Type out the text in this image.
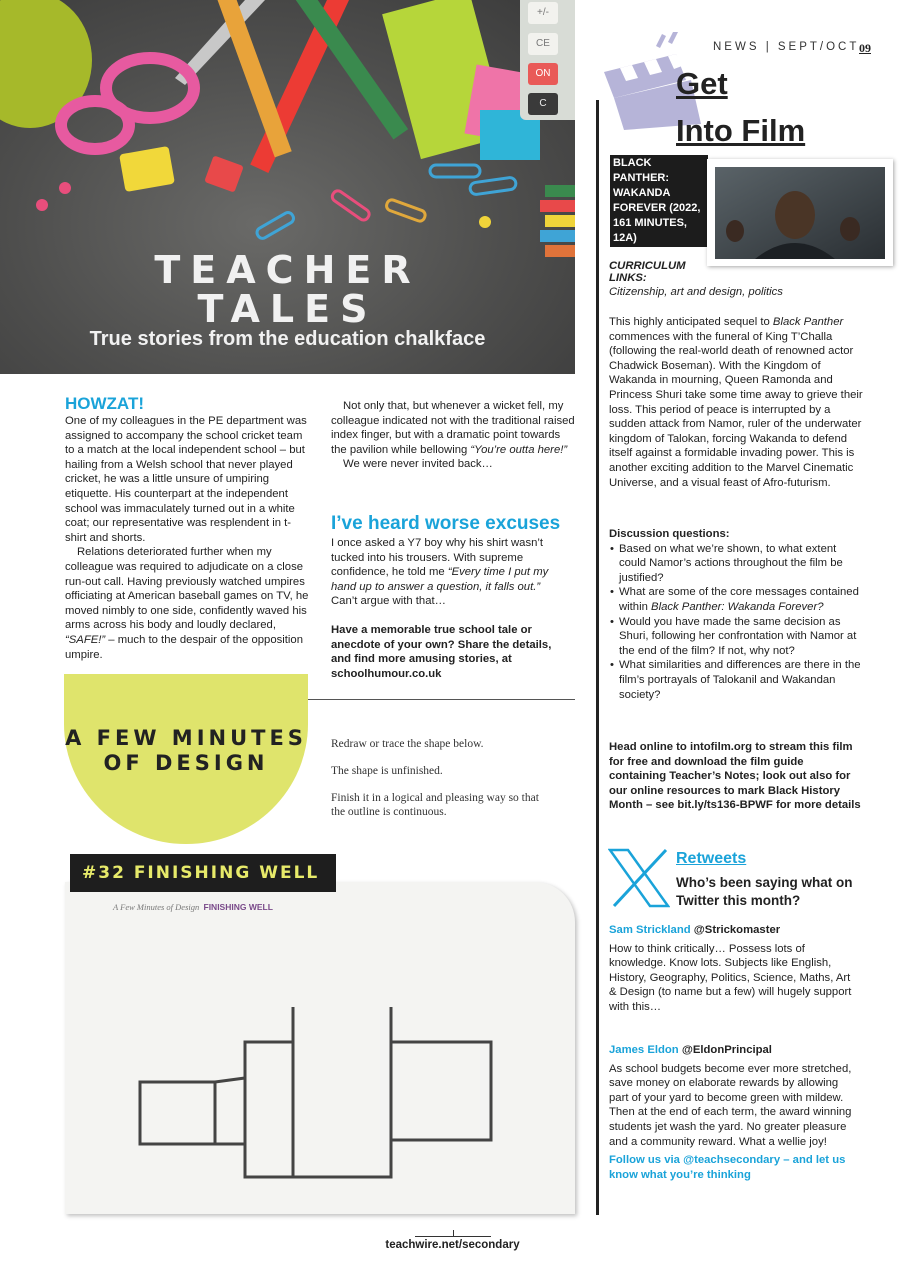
+/-
CE
ON
C
TEACHER
TALES
True stories from the education chalkface
HOWZAT!

One of my colleagues in the PE department was assigned to accompany the school cricket team to a match at the local independent school – but hailing from a Welsh school that never played cricket, he was a little unsure of umpiring etiquette. His counterpart at the independent school was immaculately turned out in a white coat; our representative was resplendent in t-shirt and shorts.

Relations deteriorated further when my colleague was required to adjudicate on a close run-out call. Having previously watched umpires officiating at American baseball games on TV, he moved nimbly to one side, confidently waved his arms across his body and loudly declared, “SAFE!” – much to the despair of the opposition umpire.

Not only that, but whenever a wicket fell, my colleague indicated not with the traditional raised index finger, but with a dramatic point towards the pavilion while bellowing “You’re outta here!”

We were never invited back…

I’ve heard worse excuses

I once asked a Y7 boy why his shirt wasn’t tucked into his trousers. With supreme confidence, he told me “Every time I put my hand up to answer a question, it falls out.” Can’t argue with that…

Have a memorable true school tale or anecdote of your own? Share the details, and find more amusing stories, at schoolhumour.co.uk

A FEW MINUTES OF DESIGN

Redraw or trace the shape below.

The shape is unfinished.

Finish it in a logical and pleasing way so that the outline is continuous.

A Few Minutes of Design FINISHING WELL
#32 FINISHING WELL
NEWS | SEPT/OCT 09
Get
Into Film
BLACK PANTHER: WAKANDA FOREVER (2022, 161 MINUTES, 12A)
CURRICULUM LINKS:
Citizenship, art and design, politics

This highly anticipated sequel to Black Panther commences with the funeral of King T’Challa (following the real-world death of renowned actor Chadwick Boseman). With the Kingdom of Wakanda in mourning, Queen Ramonda and Princess Shuri take some time away to grieve their loss. This period of peace is interrupted by a sudden attack from Namor, ruler of the underwater kingdom of Talokan, forcing Wakanda to defend itself against a formidable invading power. This is another exciting addition to the Marvel Cinematic Universe, and a visual feast of Afro-futurism.

Discussion questions:

• Based on what we’re shown, to what extent could Namor’s actions throughout the film be justified?
• What are some of the core messages contained within Black Panther: Wakanda Forever?
• Would you have made the same decision as Shuri, following her confrontation with Namor at the end of the film? If not, why not?
• What similarities and differences are there in the film’s portrayals of Talokanil and Wakandan society?
Head online to intofilm.org to stream this film for free and download the film guide containing Teacher’s Notes; look out also for our online resources to mark Black History Month – see bit.ly/ts136-BPWF for more details
Retweets
Who’s been saying what on Twitter this month?

Sam Strickland @Strickomaster

How to think critically… Possess lots of knowledge. Know lots. Subjects like English, History, Geography, Politics, Science, Maths, Art & Design (to name but a few) will hugely support with this…

James Eldon @EldonPrincipal

As school budgets become ever more stretched, save money on elaborate rewards by allowing part of your yard to become green with mildew. Then at the end of each term, the award winning students jet wash the yard. No greater pleasure and a community reward. What a wellie joy!

Follow us via @teachsecondary – and let us know what you’re thinking

teachwire.net/secondary
